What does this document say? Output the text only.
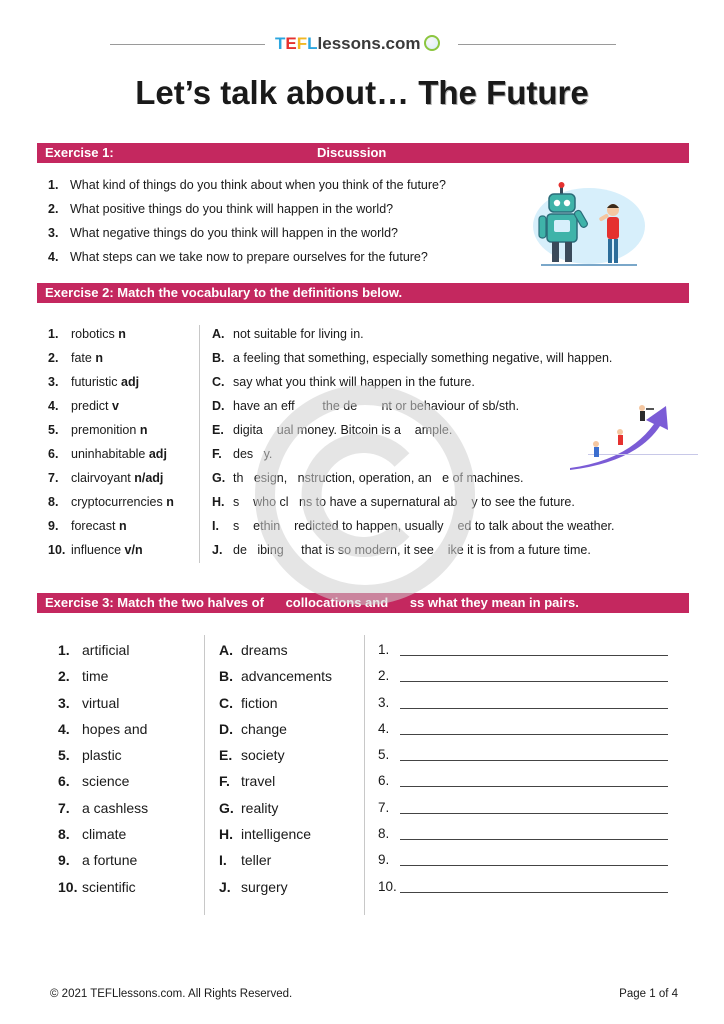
TEFLlessons.com
Let’s talk about… The Future
Exercise 1:	Discussion
1. What kind of things do you think about when you think of the future?
2. What positive things do you think will happen in the world?
3. What negative things do you think will happen in the world?
4. What steps can we take now to prepare ourselves for the future?
Exercise 2: Match the vocabulary to the definitions below.
1. robotics n
2. fate n
3. futuristic adj
4. predict v
5. premonition n
6. uninhabitable adj
7. clairvoyant n/adj
8. cryptocurrencies n
9. forecast n
10. influence v/n
A. not suitable for living in.
B. a feeling that something, especially something negative, will happen.
C. say what you think will happen in the future.
D. have an eff        the de       nt or behaviour of sb/sth.
E. digita    ual money. Bitcoin is a    ample.
F. des   y.
G. th   esign,   nstruction, operation, an   e of machines.
H. s    who cl   ns to have a supernatural ab    y to see the future.
I. s    ethin    redicted to happen, usually    ed to talk about the weather.
J. de   ibing     that is so modern, it see    ike it is from a future time.
Exercise 3: Match the two halves of      collocations and      ss what they mean in pairs.
1. artificial
2. time
3. virtual
4. hopes and
5. plastic
6. science
7. a cashless
8. climate
9. a fortune
10. scientific
A. dreams
B. advancements
C. fiction
D. change
E. society
F. travel
G. reality
H. intelligence
I. teller
J. surgery
1.
2.
3.
4.
5.
6.
7.
8.
9.
10.
© 2021 TEFLlessons.com. All Rights Reserved.	Page 1 of 4
